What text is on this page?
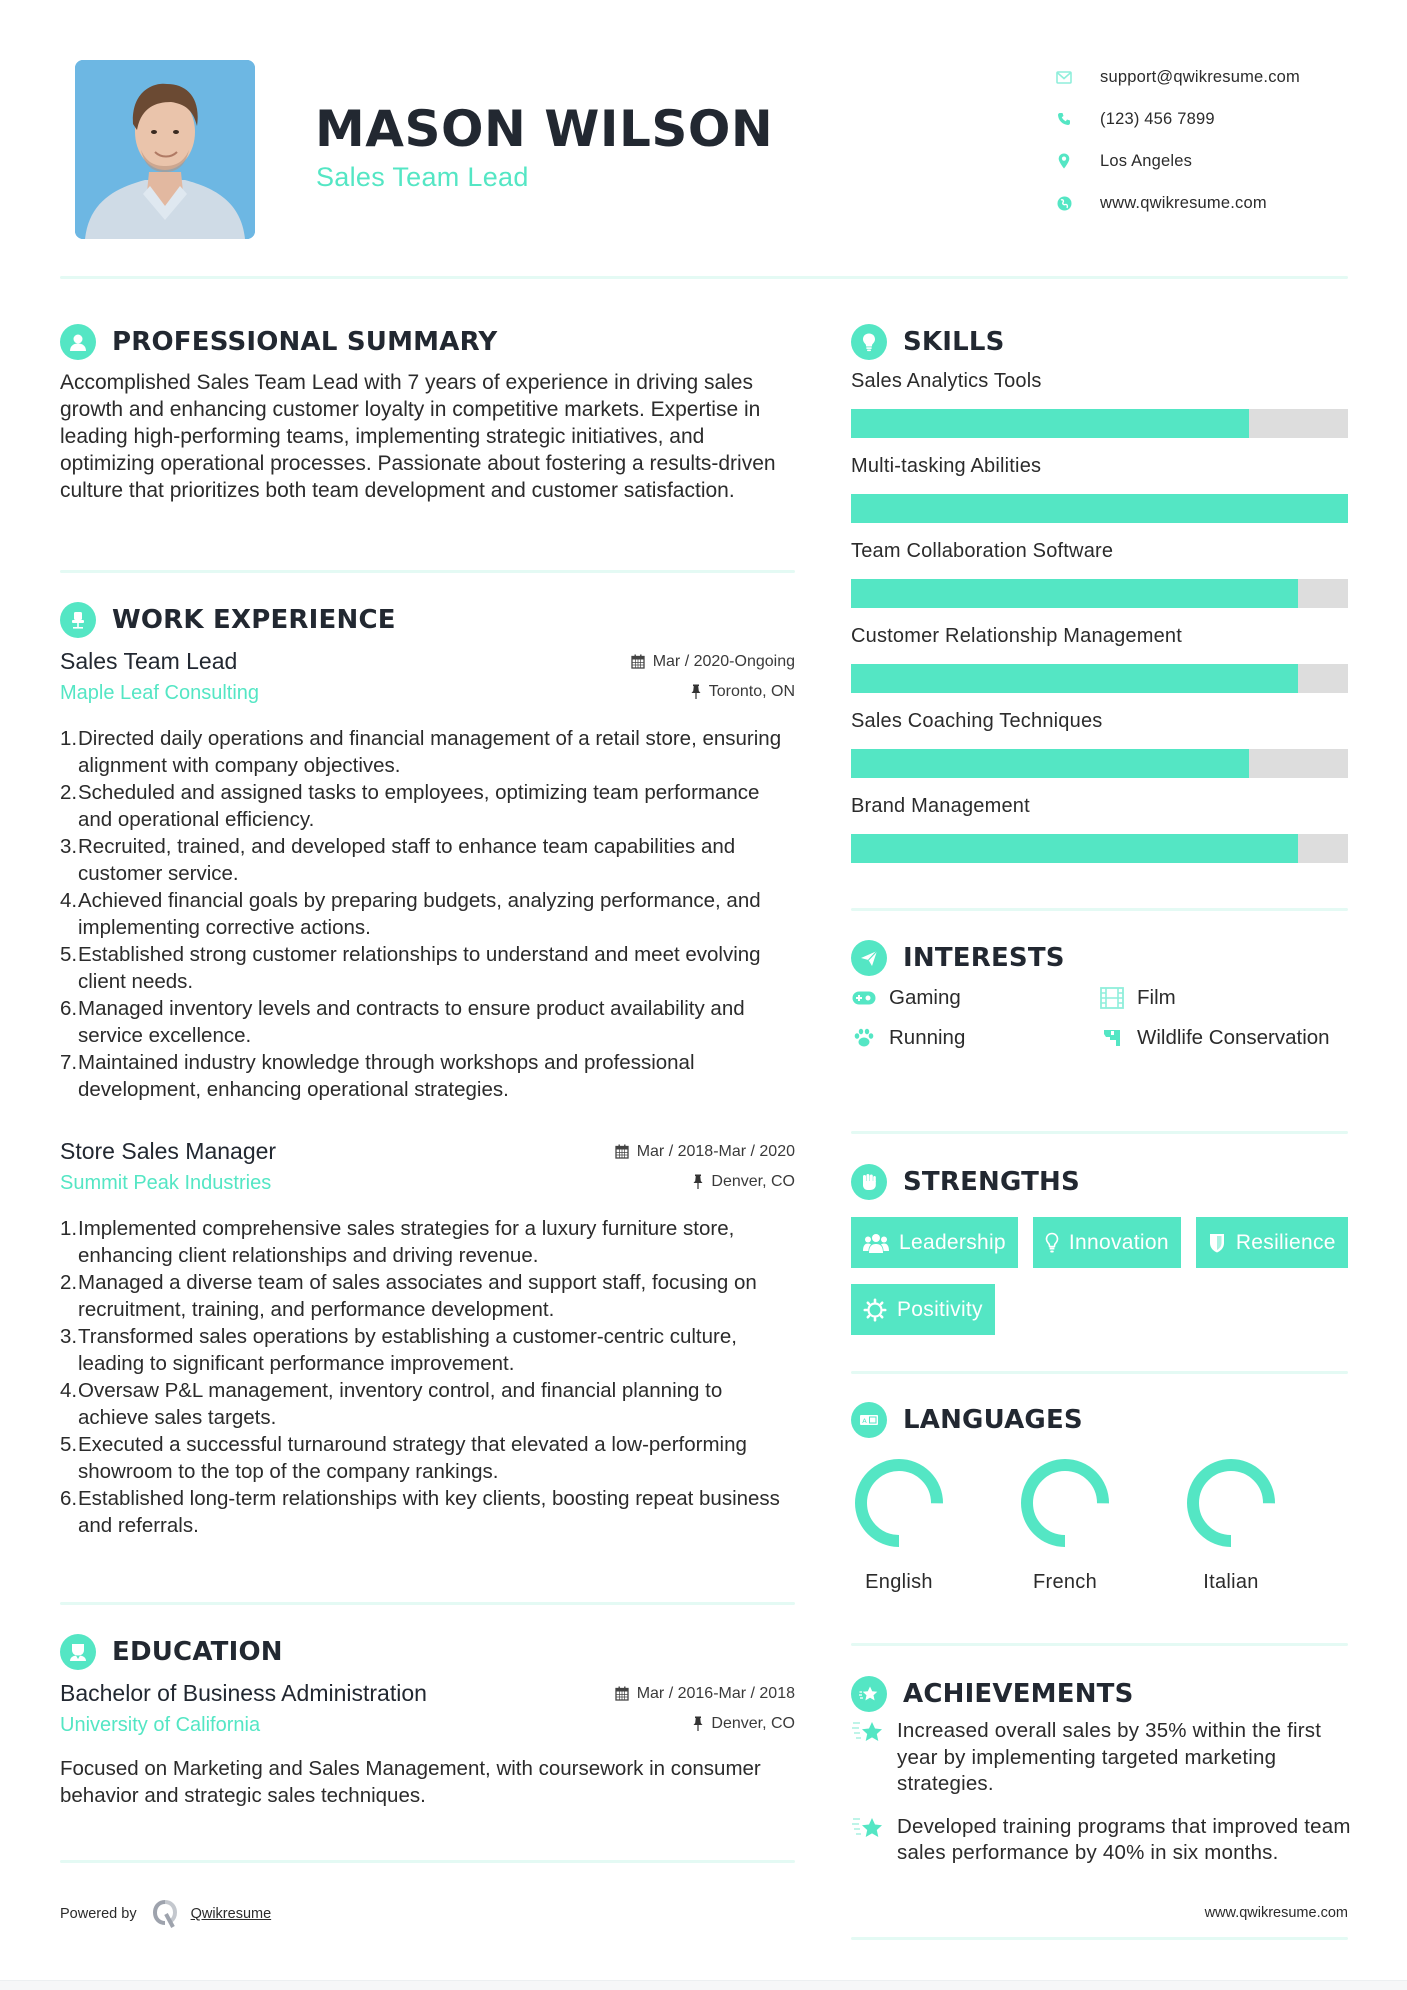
MASON WILSON
Sales Team Lead
support@qwikresume.com
(123) 456 7899
Los Angeles
www.qwikresume.com
PROFESSIONAL SUMMARY

Accomplished Sales Team Lead with 7 years of experience in driving sales growth and enhancing customer loyalty in competitive markets. Expertise in leading high-performing teams, implementing strategic initiatives, and optimizing operational processes. Passionate about fostering a results-driven culture that prioritizes both team development and customer satisfaction.

WORK EXPERIENCE
Sales Team Lead	Mar / 2020-Ongoing
Maple Leaf Consulting	Toronto, ON
1. Directed daily operations and financial management of a retail store, ensuring alignment with company objectives.
2. Scheduled and assigned tasks to employees, optimizing team performance and operational efficiency.
3. Recruited, trained, and developed staff to enhance team capabilities and customer service.
4. Achieved financial goals by preparing budgets, analyzing performance, and implementing corrective actions.
5. Established strong customer relationships to understand and meet evolving client needs.
6. Managed inventory levels and contracts to ensure product availability and service excellence.
7. Maintained industry knowledge through workshops and professional development, enhancing operational strategies.
Store Sales Manager	Mar / 2018-Mar / 2020
Summit Peak Industries	Denver, CO
1. Implemented comprehensive sales strategies for a luxury furniture store, enhancing client relationships and driving revenue.
2. Managed a diverse team of sales associates and support staff, focusing on recruitment, training, and performance development.
3. Transformed sales operations by establishing a customer-centric culture, leading to significant performance improvement.
4. Oversaw P&L management, inventory control, and financial planning to achieve sales targets.
5. Executed a successful turnaround strategy that elevated a low-performing showroom to the top of the company rankings.
6. Established long-term relationships with key clients, boosting repeat business and referrals.
EDUCATION
Bachelor of Business Administration	Mar / 2016-Mar / 2018
University of California	Denver, CO

Focused on Marketing and Sales Management, with coursework in consumer behavior and strategic sales techniques.

Powered by	Qwikresume
SKILLS
Sales Analytics Tools
Multi-tasking Abilities
Team Collaboration Software
Customer Relationship Management
Sales Coaching Techniques
Brand Management
INTERESTS
Gaming	Film
Running	Wildlife Conservation
STRENGTHS
Leadership	Innovation	Resilience
Positivity
A LANGUAGES
English	French	Italian
ACHIEVEMENTS
Increased overall sales by 35% within the first year by implementing targeted marketing strategies.
Developed training programs that improved team sales performance by 40% in six months.
www.qwikresume.com
